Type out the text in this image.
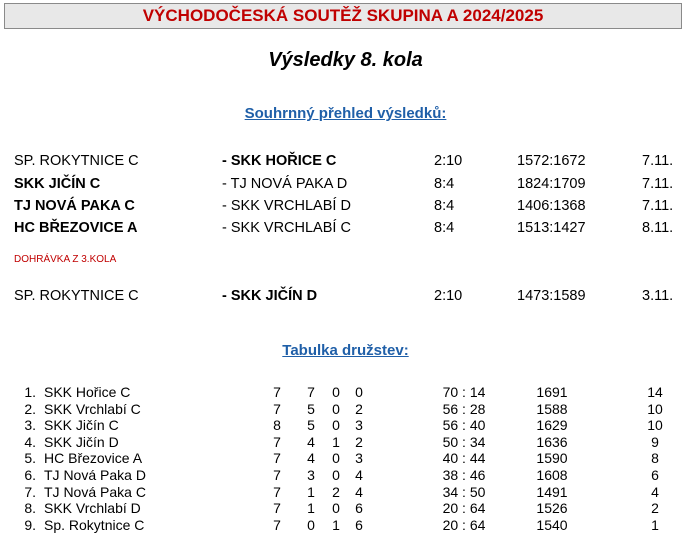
VÝCHODOČESKÁ SOUTĚŽ SKUPINA A 2024/2025
Výsledky 8. kola
Souhrnný přehled výsledků:
SP. ROKYTNICE C	- SKK HOŘICE C	2:10	1572:1672	7.11.
SKK JIČÍN C	- TJ NOVÁ PAKA D	8:4	1824:1709	7.11.
TJ NOVÁ PAKA C	- SKK VRCHLABÍ D	8:4	1406:1368	7.11.
HC BŘEZOVICE A	- SKK VRCHLABÍ C	8:4	1513:1427	8.11.
DOHRÁVKA Z 3.KOLA
SP. ROKYTNICE C	- SKK JIČÍN D	2:10	1473:1589	3.11.
Tabulka družstev:
1. SKK Hořice C	7 7 0 0	70 : 14	1691	14
2. SKK Vrchlabí C	7 5 0 2	56 : 28	1588	10
3. SKK Jičín C	8 5 0 3	56 : 40	1629	10
4. SKK Jičín D	7 4 1 2	50 : 34	1636	9
5. HC Březovice A	7 4 0 3	40 : 44	1590	8
6. TJ Nová Paka D	7 3 0 4	38 : 46	1608	6
7. TJ Nová Paka C	7 1 2 4	34 : 50	1491	4
8. SKK Vrchlabí D	7 1 0 6	20 : 64	1526	2
9. Sp. Rokytnice C	7 0 1 6	20 : 64	1540	1
